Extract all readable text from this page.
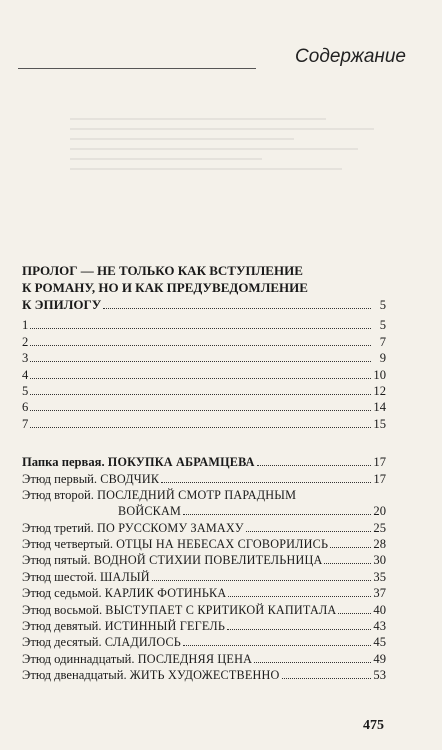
Содержание
ПРОЛОГ — НЕ ТОЛЬКО КАК ВСТУПЛЕНИЕ
К РОМАНУ, НО И КАК ПРЕДУВЕДОМЛЕНИЕ
К ЭПИЛОГУ	5
1	5
2	7
3	9
4	10
5	12
6	14
7	15
Папка первая. ПОКУПКА АБРАМЦЕВА	17
Этюд первый. СВОДЧИК	17
Этюд второй. ПОСЛЕДНИЙ СМОТР ПАРАДНЫМ
ВОЙСКАМ	20
Этюд третий. ПО РУССКОМУ ЗАМАХУ	25
Этюд четвертый. ОТЦЫ НА НЕБЕСАХ СГОВОРИЛИСЬ	28
Этюд пятый. ВОДНОЙ СТИХИИ ПОВЕЛИТЕЛЬНИЦА	30
Этюд шестой. ШАЛЫЙ	35
Этюд седьмой. КАРЛИК ФОТИНЬКА	37
Этюд восьмой. ВЫСТУПАЕТ С КРИТИКОЙ КАПИТАЛА	40
Этюд девятый. ИСТИННЫЙ ГЕГЕЛЬ	43
Этюд десятый. СЛАДИЛОСЬ	45
Этюд одиннадцатый. ПОСЛЕДНЯЯ ЦЕНА	49
Этюд двенадцатый. ЖИТЬ ХУДОЖЕСТВЕННО	53
475
